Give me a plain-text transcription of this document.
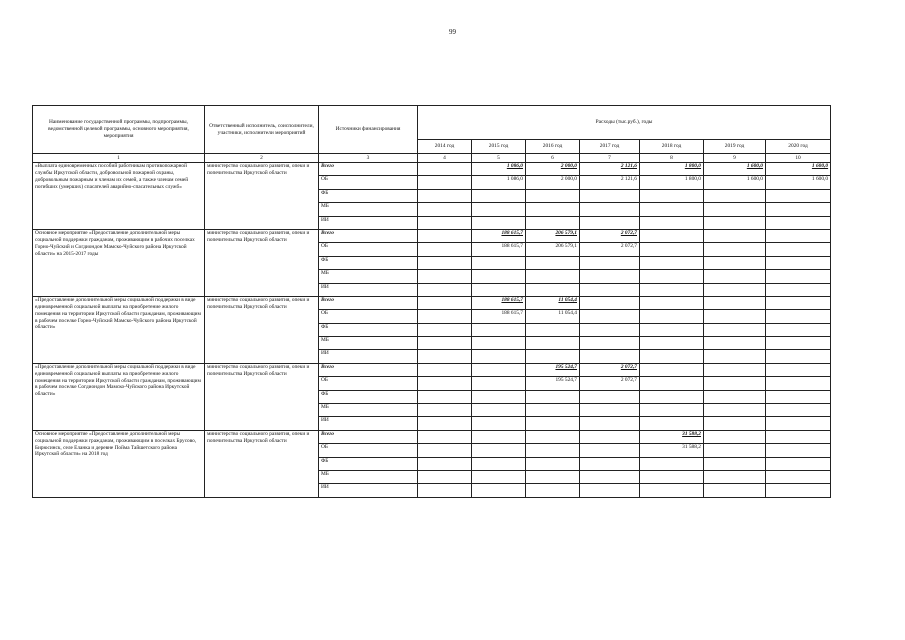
99
Наименование государственной программы, подпрограммы, ведомственной целевой программы, основного мероприятия, мероприятия	Ответственный исполнитель, соисполнители, участники, исполнители мероприятий	Источники финансирования	Расходы (тыс.руб.), годы						
			2014 год	2015 год	2016 год	2017 год	2018 год	2019 год	2020 год
1	2	3	4	5	6	7	8	9	10
«Выплата единовременных пособий работникам противопожарной службы Иркутской области, добровольной пожарной охраны, добровольным пожарным и членам их семей, а также членам семей погибших (умерших) спасателей аварийно-спасательных служб»	министерство социального развития, опеки и попечительства Иркутской области	Всего		1 086,0	2 000,0	2 121,6	1 800,0	1 600,0	1 600,0
		ОБ		1 086,0	2 000,0	2 121,6	1 800,0	1 600,0	1 600,0
		ФБ							
		МБ							
		ИИ							
Основное мероприятие «Предоставление дополнительной меры социальной поддержки гражданам, проживающим в рабочих поселках Горно-Чуйский и Согдиондон Мамско-Чуйского района Иркутской области» на 2015-2017 годы	министерство социального развития, опеки и попечительства Иркутской области	Всего		188 615,7	206 579,1	2 072,7			
		ОБ		188 615,7	206 579,1	2 072,7			
		ФБ							
		МБ							
		ИИ							
«Предоставление дополнительной меры социальной поддержки в виде единовременной социальной выплаты на приобретение жилого помещения на территории Иркутской области гражданам, проживающим в рабочем поселке Горно-Чуйский Мамско-Чуйского района Иркутской области»	министерство социального развития, опеки и попечительства Иркутской области	Всего		188 615,7	11 054,4				
		ОБ		188 615,7	11 054,4				
		ФБ							
		МБ							
		ИИ							
«Предоставление дополнительной меры социальной поддержки в виде единовременной социальной выплаты на приобретение жилого помещения на территории Иркутской области гражданам, проживающим в рабочем поселке Согдиондон Мамско-Чуйского района Иркутской области»	министерство социального развития, опеки и попечительства Иркутской области	Всего			195 524,7	2 072,7			
		ОБ			195 524,7	2 072,7			
		ФБ							
		МБ							
		ИИ							
Основное мероприятие «Предоставление дополнительной меры социальной поддержки гражданам, проживающим в поселках Брусово, Бирюсинск, селе Еланка и деревне Пойма Тайшетского района Иркутской области» на 2018 год	министерство социального развития, опеки и попечительства Иркутской области	Всего					31 588,2		
		ОБ					31 588,2		
		ФБ							
		МБ							
		ИИ							
